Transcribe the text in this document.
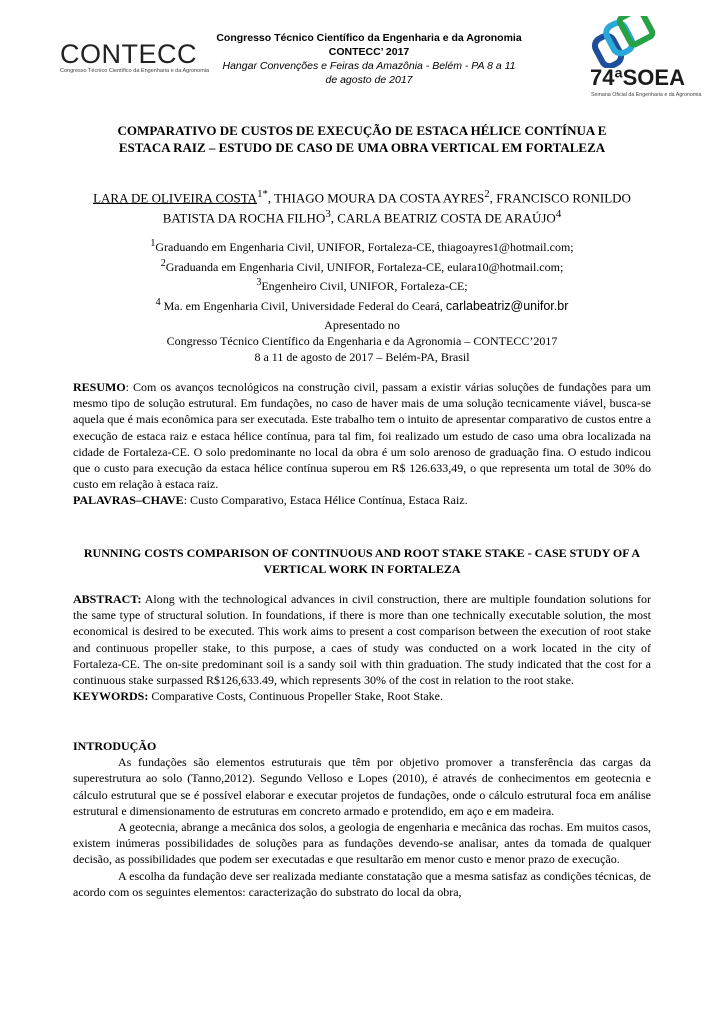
CONTECC
Congresso Técnico Científico da Engenharia e da Agronomia
Congresso Técnico Científico da Engenharia e da Agronomia
CONTECC’ 2017
Hangar Convenções e Feiras da Amazônia - Belém - PA 8 a 11
de agosto de 2017	74ªSOEA
Semana Oficial da Engenharia e da Agronomia
COMPARATIVO DE CUSTOS DE EXECUÇÃO DE ESTACA HÉLICE CONTÍNUA E ESTACA RAIZ – ESTUDO DE CASO DE UMA OBRA VERTICAL EM FORTALEZA
LARA DE OLIVEIRA $COSTA^{1*}$, THIAGO MOURA DA COSTA AYRES$^2$, FRANCISCO RONILDO BATISTA DA ROCHA FILHO$^3$, CARLA BEATRIZ COSTA DE ARAÚJO$^4$
$^1$Graduando em Engenharia Civil, UNIFOR, Fortaleza-CE, thiagoayres1@hotmail.com;
$^2$Graduanda em Engenharia Civil, UNIFOR, Fortaleza-CE, eulara10@hotmail.com;
$^3$Engenheiro Civil, UNIFOR, Fortaleza-CE;
$^4$ Ma. em Engenharia Civil, Universidade Federal do Ceará, carlabeatriz@unifor.br
Apresentado no
Congresso Técnico Científico da Engenharia e da Agronomia – CONTECC’2017
8 a 11 de agosto de 2017 – Belém-PA, Brasil

RESUMO: Com os avanços tecnológicos na construção civil, passam a existir várias soluções de fundações para um mesmo tipo de solução estrutural. Em fundações, no caso de haver mais de uma solução tecnicamente viável, busca-se aquela que é mais econômica para ser executada. Este trabalho tem o intuito de apresentar comparativo de custos entre a execução de estaca raiz e estaca hélice contínua, para tal fim, foi realizado um estudo de caso uma obra localizada na cidade de Fortaleza-CE. O solo predominante no local da obra é um solo arenoso de graduação fina. O estudo indicou que o custo para execução da estaca hélice contínua superou em R$ 126.633,49, o que representa um total de 30% do custo em relação à estaca raiz.

PALAVRAS–CHAVE: Custo Comparativo, Estaca Hélice Contínua, Estaca Raiz.

RUNNING COSTS COMPARISON OF CONTINUOUS AND ROOT STAKE STAKE - CASE STUDY OF A VERTICAL WORK IN FORTALEZA

ABSTRACT: Along with the technological advances in civil construction, there are multiple foundation solutions for the same type of structural solution. In foundations, if there is more than one technically executable solution, the most economical is desired to be executed. This work aims to present a cost comparison between the execution of root stake and continuous propeller stake, to this purpose, a caes of study was conducted on a work located in the city of Fortaleza-CE. The on-site predominant soil is a sandy soil with thin graduation. The study indicated that the cost for a continuous stake surpassed R$126,633.49, which represents 30% of the cost in relation to the root stake.

KEYWORDS: Comparative Costs, Continuous Propeller Stake, Root Stake.

INTRODUÇÃO

As fundações são elementos estruturais que têm por objetivo promover a transferência das cargas da superestrutura ao solo (Tanno,2012). Segundo Velloso e Lopes (2010), é através de conhecimentos em geotecnia e cálculo estrutural que se é possível elaborar e executar projetos de fundações, onde o cálculo estrutural foca em análise estrutural e dimensionamento de estruturas em concreto armado e protendido, em aço e em madeira.

A geotecnia, abrange a mecânica dos solos, a geologia de engenharia e mecânica das rochas. Em muitos casos, existem inúmeras possibilidades de soluções para as fundações devendo-se analisar, antes da tomada de qualquer decisão, as possibilidades que podem ser executadas e que resultarão em menor custo e menor prazo de execução.

A escolha da fundação deve ser realizada mediante constatação que a mesma satisfaz as condições técnicas, de acordo com os seguintes elementos: caracterização do substrato do local da obra,
